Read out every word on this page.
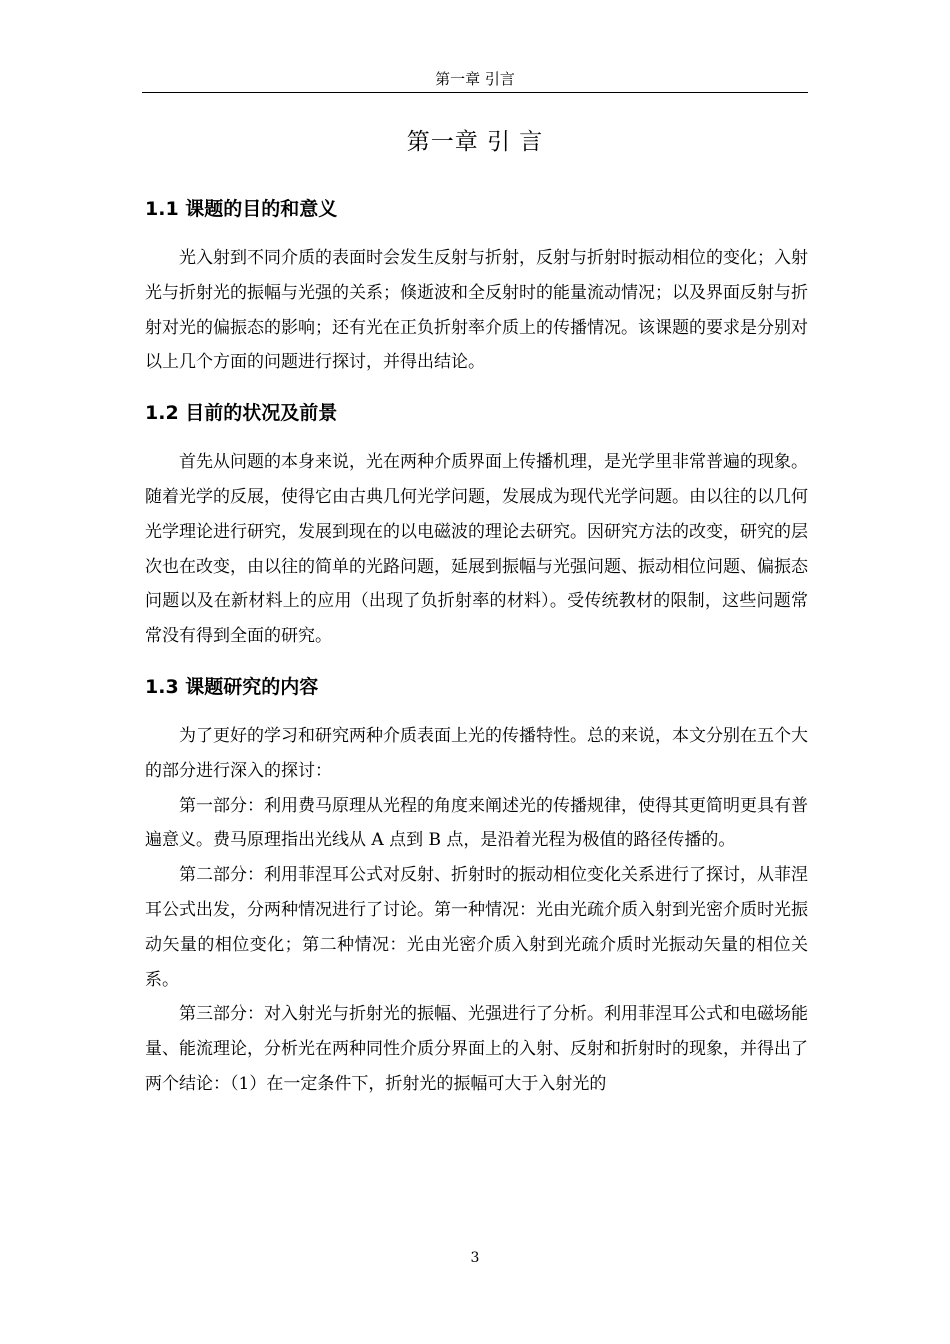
第一章 引言
第一章 引 言
1.1 课题的目的和意义

光入射到不同介质的表面时会发生反射与折射，反射与折射时振动相位的变化；入射光与折射光的振幅与光强的关系；倏逝波和全反射时的能量流动情况；以及界面反射与折射对光的偏振态的影响；还有光在正负折射率介质上的传播情况。该课题的要求是分别对以上几个方面的问题进行探讨，并得出结论。

1.2 目前的状况及前景

首先从问题的本身来说，光在两种介质界面上传播机理，是光学里非常普遍的现象。随着光学的反展，使得它由古典几何光学问题，发展成为现代光学问题。由以往的以几何光学理论进行研究，发展到现在的以电磁波的理论去研究。因研究方法的改变，研究的层次也在改变，由以往的简单的光路问题，延展到振幅与光强问题、振动相位问题、偏振态问题以及在新材料上的应用（出现了负折射率的材料）。受传统教材的限制，这些问题常常没有得到全面的研究。

1.3 课题研究的内容

为了更好的学习和研究两种介质表面上光的传播特性。总的来说，本文分别在五个大的部分进行深入的探讨：

第一部分：利用费马原理从光程的角度来阐述光的传播规律，使得其更简明更具有普遍意义。费马原理指出光线从 A 点到 B 点，是沿着光程为极值的路径传播的。

第二部分：利用菲涅耳公式对反射、折射时的振动相位变化关系进行了探讨，从菲涅耳公式出发，分两种情况进行了讨论。第一种情况：光由光疏介质入射到光密介质时光振动矢量的相位变化；第二种情况：光由光密介质入射到光疏介质时光振动矢量的相位关系。

第三部分：对入射光与折射光的振幅、光强进行了分析。利用菲涅耳公式和电磁场能量、能流理论，分析光在两种同性介质分界面上的入射、反射和折射时的现象，并得出了两个结论：（1）在一定条件下，折射光的振幅可大于入射光的

3
